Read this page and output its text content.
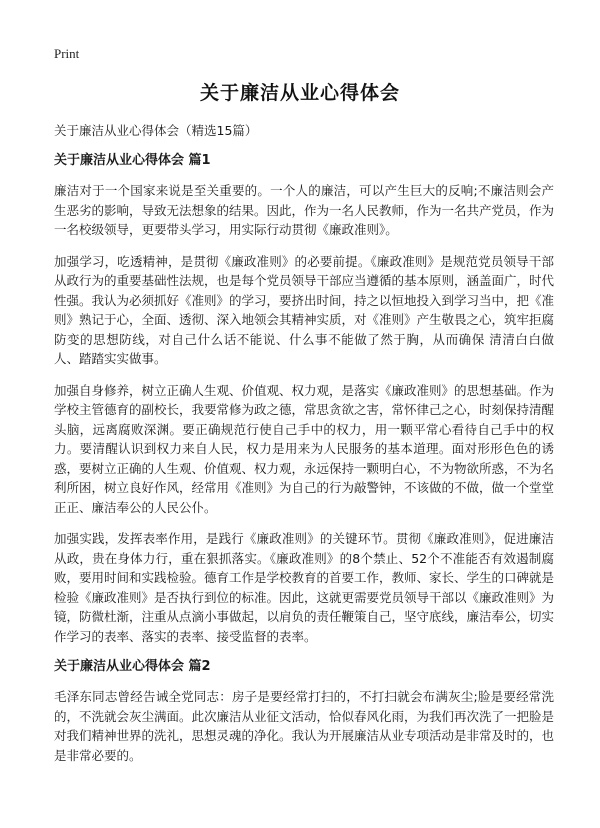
Print
关于廉洁从业心得体会

关于廉洁从业心得体会（精选15篇）

关于廉洁从业心得体会 篇1

廉洁对于一个国家来说是至关重要的。一个人的廉洁，可以产生巨大的反响;不廉洁则会产生恶劣的影响，导致无法想象的结果。因此，作为一名人民教师，作为一名共产党员，作为一名校级领导，更要带头学习，用实际行动贯彻《廉政准则》。

加强学习，吃透精神，是贯彻《廉政准则》的必要前提。《廉政准则》是规范党员领导干部从政行为的重要基础性法规，也是每个党员领导干部应当遵循的基本原则，涵盖面广，时代性强。我认为必须抓好《准则》的学习，要挤出时间，持之以恒地投入到学习当中，把《准则》熟记于心，全面、透彻、深入地领会其精神实质，对《准则》产生敬畏之心，筑牢拒腐防变的思想防线，对自己什么话不能说、什么事不能做了然于胸，从而确保 清清白白做人、踏踏实实做事。

加强自身修养，树立正确人生观、价值观、权力观，是落实《廉政准则》的思想基础。作为学校主管德育的副校长，我要常修为政之德，常思贪欲之害，常怀律己之心，时刻保持清醒头脑，远离腐败深渊。要正确规范行使自己手中的权力，用一颗平常心看待自己手中的权力。要清醒认识到权力来自人民，权力是用来为人民服务的基本道理。面对形形色色的诱惑，要树立正确的人生观、价值观、权力观，永远保持一颗明白心，不为物欲所惑，不为名利所困，树立良好作风，经常用《准则》为自己的行为敲警钟，不该做的不做，做一个堂堂正正、廉洁奉公的人民公仆。

加强实践，发挥表率作用，是践行《廉政准则》的关键环节。贯彻《廉政准则》，促进廉洁从政，贵在身体力行，重在狠抓落实。《廉政准则》的8个禁止、52个不准能否有效遏制腐败，要用时间和实践检验。德育工作是学校教育的首要工作，教师、家长、学生的口碑就是检验《廉政准则》是否执行到位的标准。因此，这就更需要党员领导干部以《廉政准则》为镜，防微杜渐，注重从点滴小事做起，以肩负的责任鞭策自己，坚守底线，廉洁奉公，切实作学习的表率、落实的表率、接受监督的表率。

关于廉洁从业心得体会 篇2

毛泽东同志曾经告诫全党同志：房子是要经常打扫的，不打扫就会布满灰尘;脸是要经常洗的，不洗就会灰尘满面。此次廉洁从业征文活动，恰似春风化雨，为我们再次洗了一把脸是对我们精神世界的洗礼，思想灵魂的净化。我认为开展廉洁从业专项活动是非常及时的，也是非常必要的。
